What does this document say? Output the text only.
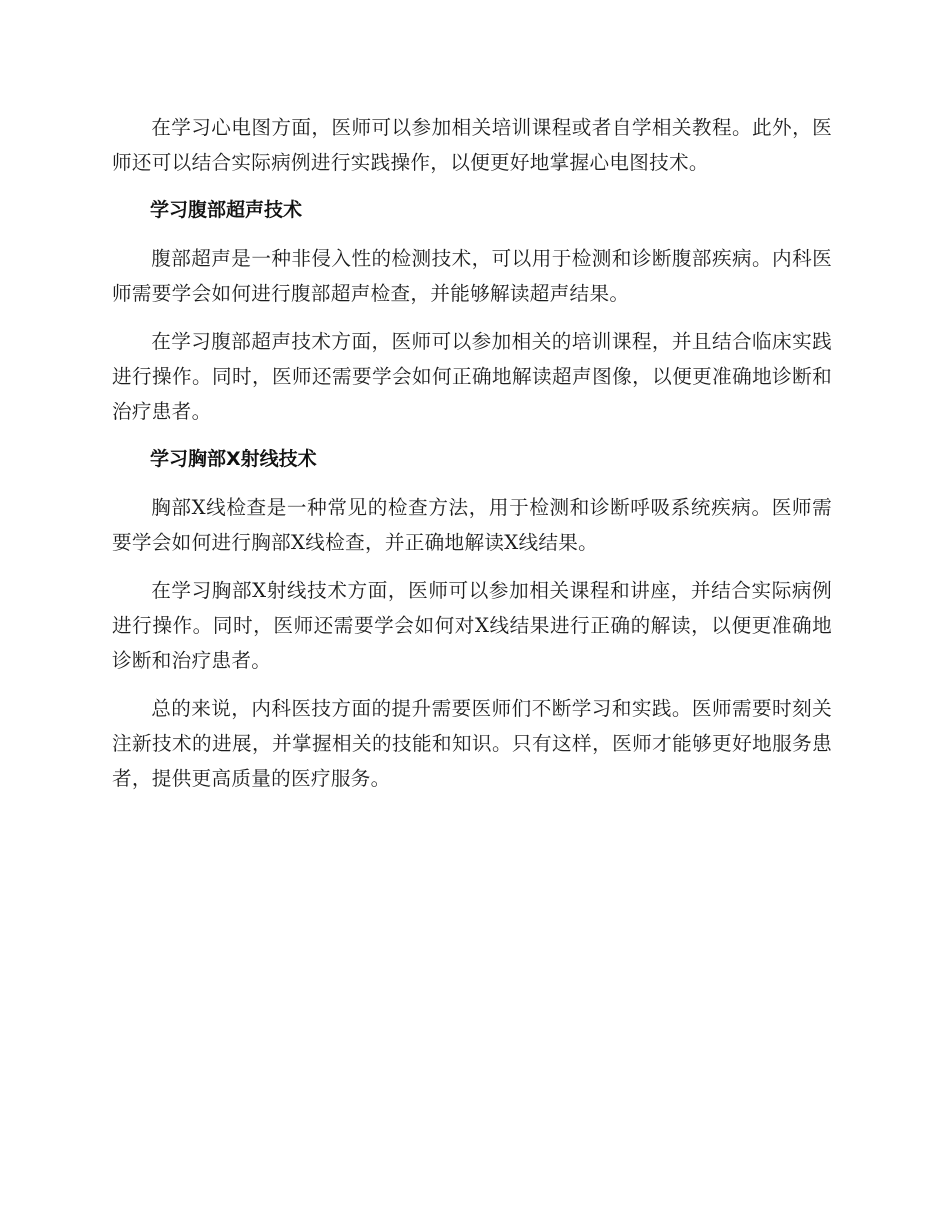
在学习心电图方面，医师可以参加相关培训课程或者自学相关教程。此外，医师还可以结合实际病例进行实践操作，以便更好地掌握心电图技术。

学习腹部超声技术

腹部超声是一种非侵入性的检测技术，可以用于检测和诊断腹部疾病。内科医师需要学会如何进行腹部超声检查，并能够解读超声结果。

在学习腹部超声技术方面，医师可以参加相关的培训课程，并且结合临床实践进行操作。同时，医师还需要学会如何正确地解读超声图像，以便更准确地诊断和治疗患者。

学习胸部X射线技术

胸部X线检查是一种常见的检查方法，用于检测和诊断呼吸系统疾病。医师需要学会如何进行胸部X线检查，并正确地解读X线结果。

在学习胸部X射线技术方面，医师可以参加相关课程和讲座，并结合实际病例进行操作。同时，医师还需要学会如何对X线结果进行正确的解读，以便更准确地诊断和治疗患者。

总的来说，内科医技方面的提升需要医师们不断学习和实践。医师需要时刻关注新技术的进展，并掌握相关的技能和知识。只有这样，医师才能够更好地服务患者，提供更高质量的医疗服务。
